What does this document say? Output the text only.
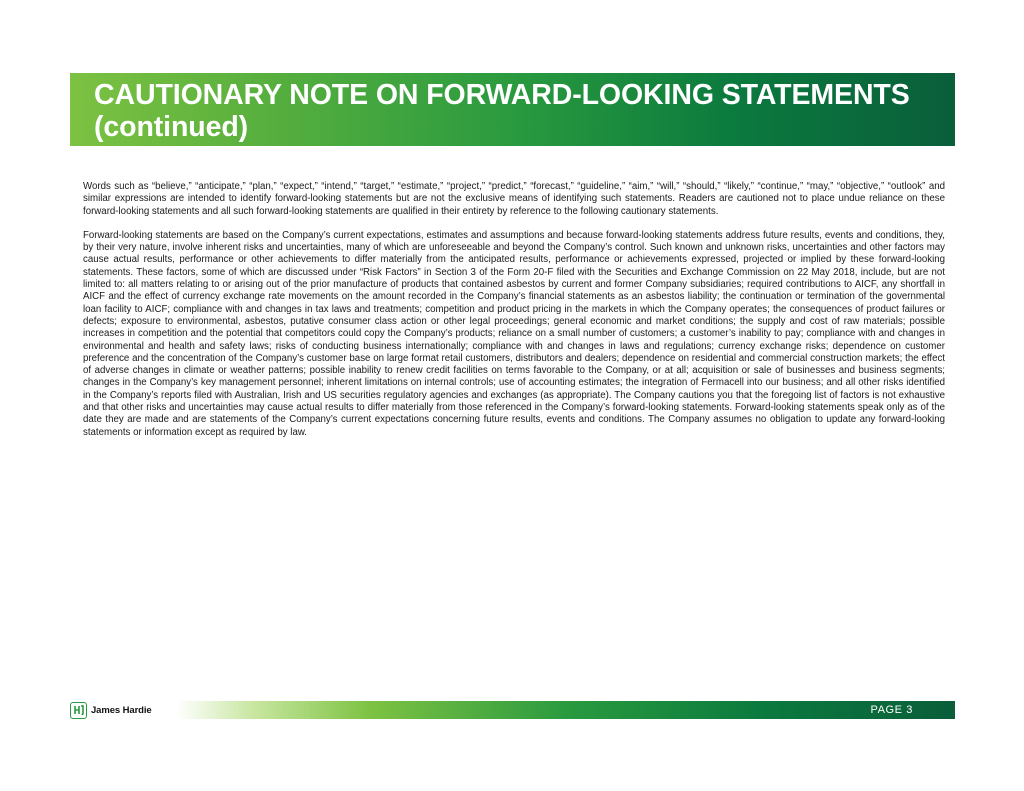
CAUTIONARY NOTE ON FORWARD-LOOKING STATEMENTS
(continued)

Words such as “believe,” “anticipate,” “plan,” “expect,” “intend,” “target,” “estimate,” “project,” “predict,” “forecast,” “guideline,” “aim,” “will,” “should,” “likely,” “continue,” “may,” “objective,” “outlook” and similar expressions are intended to identify forward-looking statements but are not the exclusive means of identifying such statements. Readers are cautioned not to place undue reliance on these forward-looking statements and all such forward-looking statements are qualified in their entirety by reference to the following cautionary statements.

Forward-looking statements are based on the Company’s current expectations, estimates and assumptions and because forward-looking statements address future results, events and conditions, they, by their very nature, involve inherent risks and uncertainties, many of which are unforeseeable and beyond the Company’s control. Such known and unknown risks, uncertainties and other factors may cause actual results, performance or other achievements to differ materially from the anticipated results, performance or achievements expressed, projected or implied by these forward-looking statements. These factors, some of which are discussed under “Risk Factors” in Section 3 of the Form 20-F filed with the Securities and Exchange Commission on 22 May 2018, include, but are not limited to: all matters relating to or arising out of the prior manufacture of products that contained asbestos by current and former Company subsidiaries; required contributions to AICF, any shortfall in AICF and the effect of currency exchange rate movements on the amount recorded in the Company’s financial statements as an asbestos liability; the continuation or termination of the governmental loan facility to AICF; compliance with and changes in tax laws and treatments; competition and product pricing in the markets in which the Company operates; the consequences of product failures or defects; exposure to environmental, asbestos, putative consumer class action or other legal proceedings; general economic and market conditions; the supply and cost of raw materials; possible increases in competition and the potential that competitors could copy the Company’s products; reliance on a small number of customers; a customer’s inability to pay; compliance with and changes in environmental and health and safety laws; risks of conducting business internationally; compliance with and changes in laws and regulations; currency exchange risks; dependence on customer preference and the concentration of the Company’s customer base on large format retail customers, distributors and dealers; dependence on residential and commercial construction markets; the effect of adverse changes in climate or weather patterns; possible inability to renew credit facilities on terms favorable to the Company, or at all; acquisition or sale of businesses and business segments; changes in the Company’s key management personnel; inherent limitations on internal controls; use of accounting estimates; the integration of Fermacell into our business; and all other risks identified in the Company’s reports filed with Australian, Irish and US securities regulatory agencies and exchanges (as appropriate). The Company cautions you that the foregoing list of factors is not exhaustive and that other risks and uncertainties may cause actual results to differ materially from those referenced in the Company’s forward-looking statements. Forward-looking statements speak only as of the date they are made and are statements of the Company’s current expectations concerning future results, events and conditions. The Company assumes no obligation to update any forward-looking statements or information except as required by law.

James Hardie	PAGE 3
